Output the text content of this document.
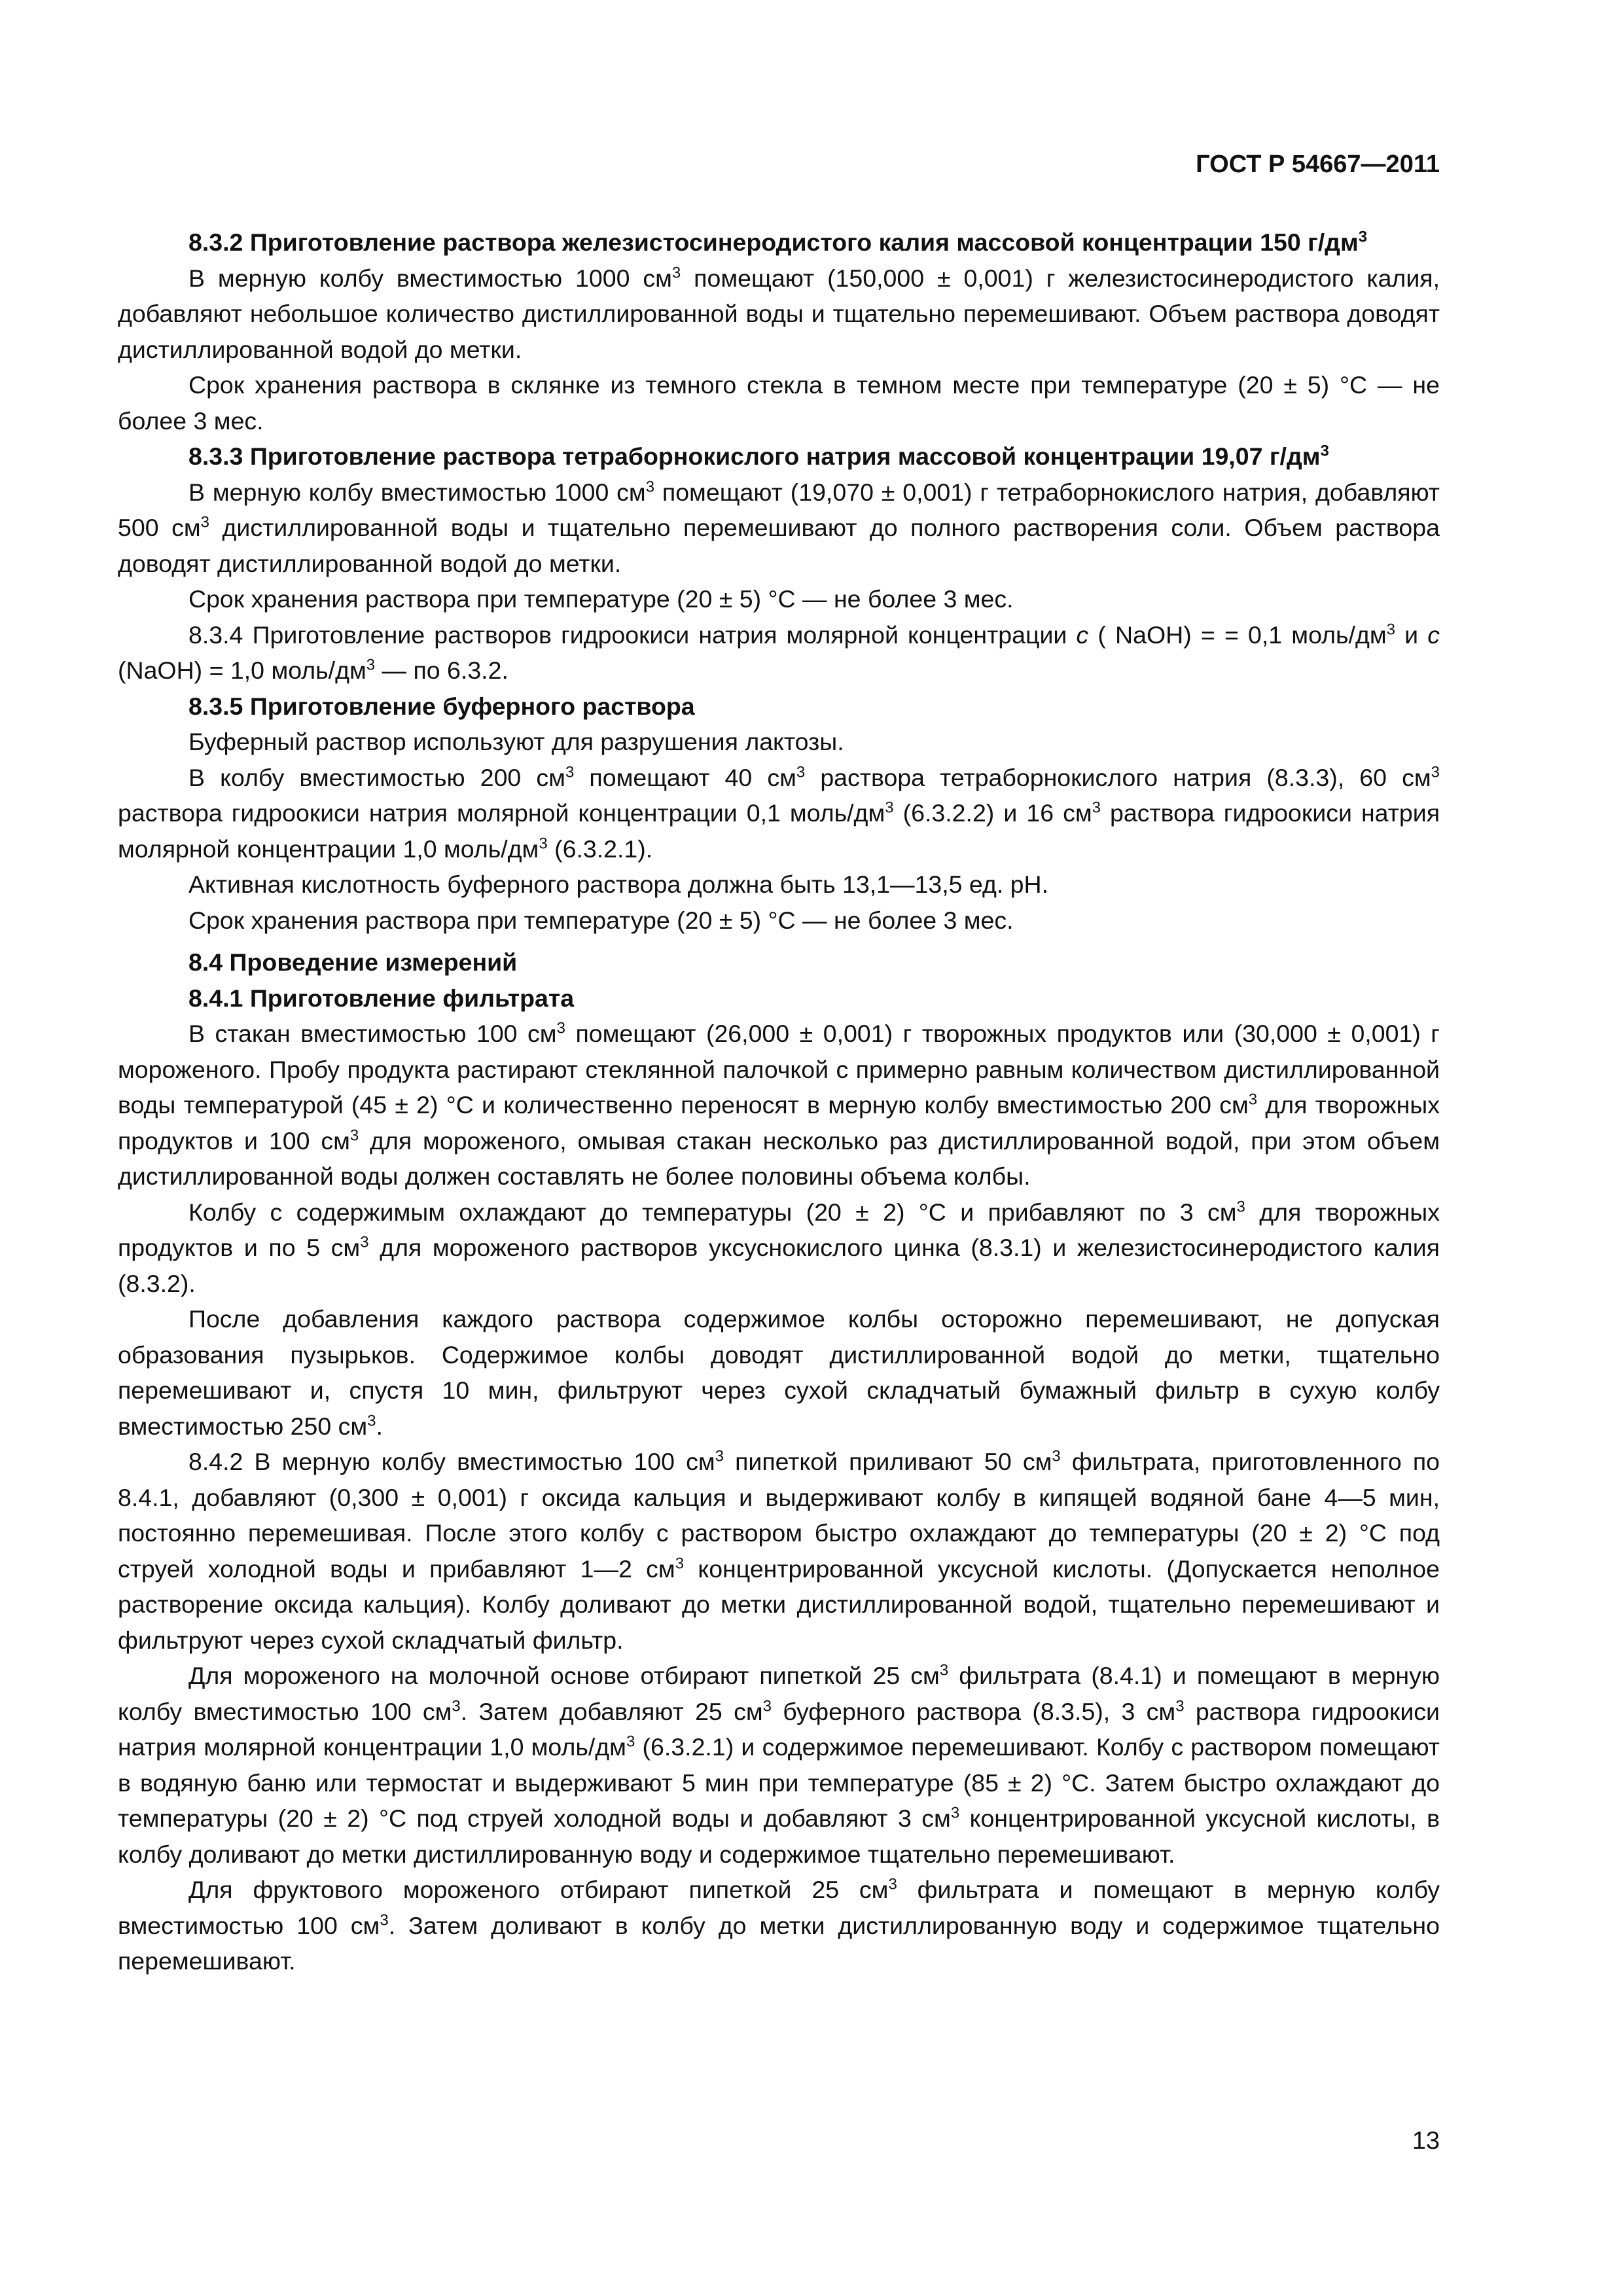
ГОСТ Р 54667—2011

8.3.2 Приготовление раствора железистосинеродистого калия массовой концентрации 150 $г/дм^3$

В мерную колбу вместимостью 1000 $см^3$ помещают (150,000 ± 0,001) г железистосинеродистого калия, добавляют небольшое количество дистиллированной воды и тщательно перемешивают. Объем раствора доводят дистиллированной водой до метки.

Срок хранения раствора в склянке из темного стекла в темном месте при температуре (20 ± 5) °С — не более 3 мес.

8.3.3 Приготовление раствора тетраборнокислого натрия массовой концентрации 19,07 $г/дм^3$

В мерную колбу вместимостью 1000 $см^3$ помещают (19,070 ± 0,001) г тетраборнокислого натрия, добавляют 500 $см^3$ дистиллированной воды и тщательно перемешивают до полного растворения соли. Объем раствора доводят дистиллированной водой до метки.

Срок хранения раствора при температуре (20 ± 5) °С — не более 3 мес.

8.3.4 Приготовление растворов гидроокиси натрия молярной концентрации с ( NaOH) = = 0,1 моль/$дм^3$ и с (NaOH) = 1,0 моль/$дм^3$ — по 6.3.2.

8.3.5 Приготовление буферного раствора

Буферный раствор используют для разрушения лактозы.

В колбу вместимостью 200 $см^3$ помещают 40 $см^3$ раствора тетраборнокислого натрия (8.3.3), 60 $см^3$ раствора гидроокиси натрия молярной концентрации 0,1 моль/$дм^3$ (6.3.2.2) и 16 $см^3$ раствора гидроокиси натрия молярной концентрации 1,0 моль/$дм^3$ (6.3.2.1).

Активная кислотность буферного раствора должна быть 13,1—13,5 ед. рН.

Срок хранения раствора при температуре (20 ± 5) °С — не более 3 мес.

8.4 Проведение измерений

8.4.1 Приготовление фильтрата

В стакан вместимостью 100 $см^3$ помещают (26,000 ± 0,001) г творожных продуктов или (30,000 ± 0,001) г мороженого. Пробу продукта растирают стеклянной палочкой с примерно равным количеством дистиллированной воды температурой (45 ± 2) °С и количественно переносят в мерную колбу вместимостью 200 $см^3$ для творожных продуктов и 100 $см^3$ для мороженого, омывая стакан несколько раз дистиллированной водой, при этом объем дистиллированной воды должен составлять не более половины объема колбы.

Колбу с содержимым охлаждают до температуры (20 ± 2) °С и прибавляют по 3 $см^3$ для творожных продуктов и по 5 $см^3$ для мороженого растворов уксуснокислого цинка (8.3.1) и железистосинеродистого калия (8.3.2).

После добавления каждого раствора содержимое колбы осторожно перемешивают, не допуская образования пузырьков. Содержимое колбы доводят дистиллированной водой до метки, тщательно перемешивают и, спустя 10 мин, фильтруют через сухой складчатый бумажный фильтр в сухую колбу вместимостью 250 $см^3$.

8.4.2 В мерную колбу вместимостью 100 $см^3$ пипеткой приливают 50 $см^3$ фильтрата, приготовленного по 8.4.1, добавляют (0,300 ± 0,001) г оксида кальция и выдерживают колбу в кипящей водяной бане 4—5 мин, постоянно перемешивая. После этого колбу с раствором быстро охлаждают до температуры (20 ± 2) °С под струей холодной воды и прибавляют 1—2 $см^3$ концентрированной уксусной кислоты. (Допускается неполное растворение оксида кальция). Колбу доливают до метки дистиллированной водой, тщательно перемешивают и фильтруют через сухой складчатый фильтр.

Для мороженого на молочной основе отбирают пипеткой 25 $см^3$ фильтрата (8.4.1) и помещают в мерную колбу вместимостью 100 $см^3$. Затем добавляют 25 $см^3$ буферного раствора (8.3.5), 3 $см^3$ раствора гидроокиси натрия молярной концентрации 1,0 моль/$дм^3$ (6.3.2.1) и содержимое перемешивают. Колбу с раствором помещают в водяную баню или термостат и выдерживают 5 мин при температуре (85 ± 2) °С. Затем быстро охлаждают до температуры (20 ± 2) °С под струей холодной воды и добавляют 3 $см^3$ концентрированной уксусной кислоты, в колбу доливают до метки дистиллированную воду и содержимое тщательно перемешивают.

Для фруктового мороженого отбирают пипеткой 25 $см^3$ фильтрата и помещают в мерную колбу вместимостью 100 $см^3$. Затем доливают в колбу до метки дистиллированную воду и содержимое тщательно перемешивают.

13
